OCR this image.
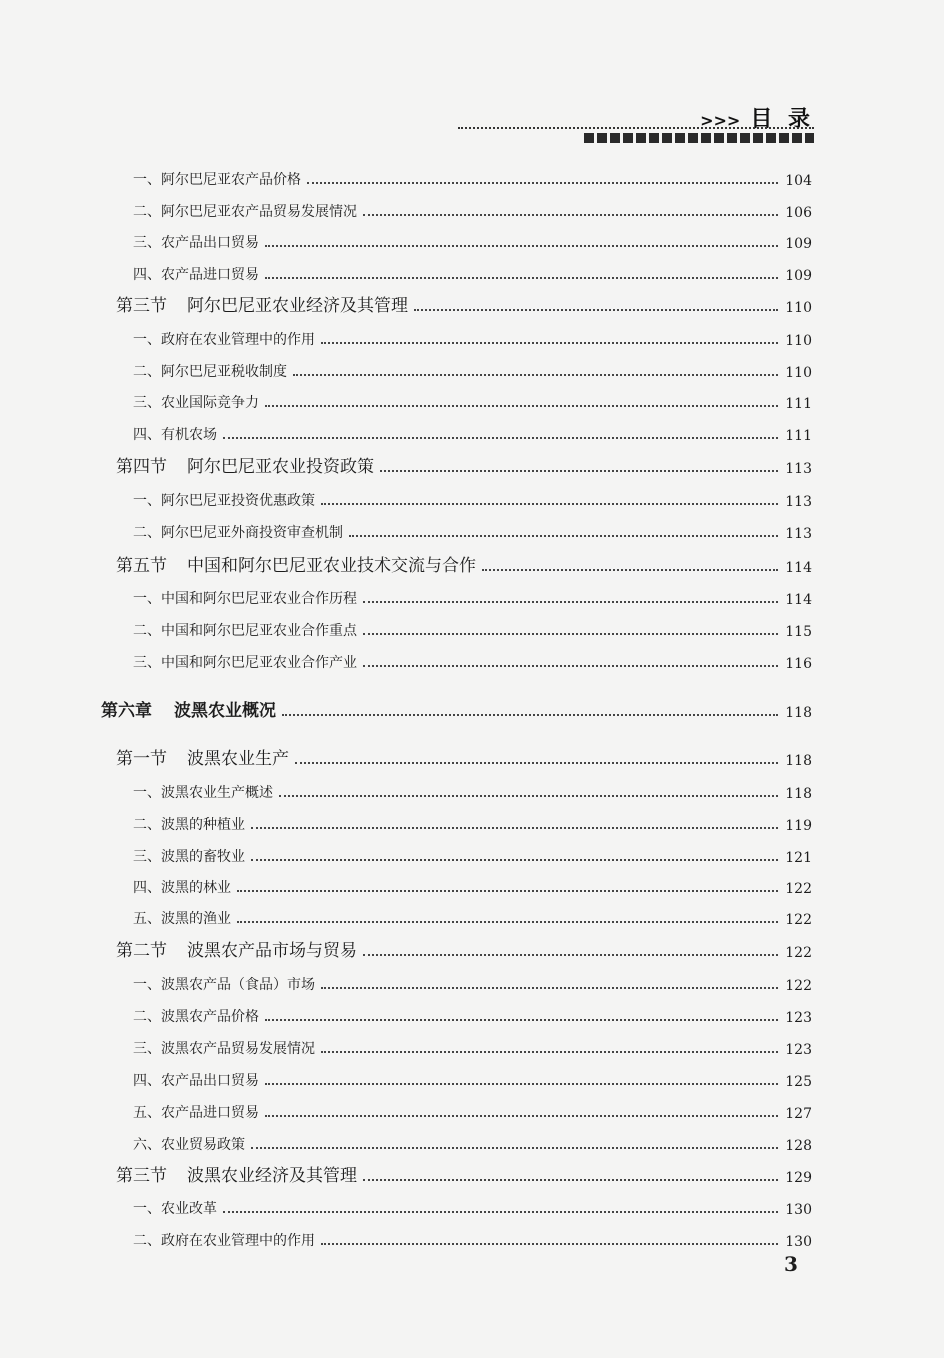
>>> 目 录
一、阿尔巴尼亚农产品价格	104
二、阿尔巴尼亚农产品贸易发展情况	106
三、农产品出口贸易	109
四、农产品进口贸易	109
第三节 阿尔巴尼亚农业经济及其管理	110
一、政府在农业管理中的作用	110
二、阿尔巴尼亚税收制度	110
三、农业国际竞争力	111
四、有机农场	111
第四节 阿尔巴尼亚农业投资政策	113
一、阿尔巴尼亚投资优惠政策	113
二、阿尔巴尼亚外商投资审查机制	113
第五节 中国和阿尔巴尼亚农业技术交流与合作	114
一、中国和阿尔巴尼亚农业合作历程	114
二、中国和阿尔巴尼亚农业合作重点	115
三、中国和阿尔巴尼亚农业合作产业	116
第六章 波黑农业概况	118
第一节 波黑农业生产	118
一、波黑农业生产概述	118
二、波黑的种植业	119
三、波黑的畜牧业	121
四、波黑的林业	122
五、波黑的渔业	122
第二节 波黑农产品市场与贸易	122
一、波黑农产品（食品）市场	122
二、波黑农产品价格	123
三、波黑农产品贸易发展情况	123
四、农产品出口贸易	125
五、农产品进口贸易	127
六、农业贸易政策	128
第三节 波黑农业经济及其管理	129
一、农业改革	130
二、政府在农业管理中的作用	130
3
